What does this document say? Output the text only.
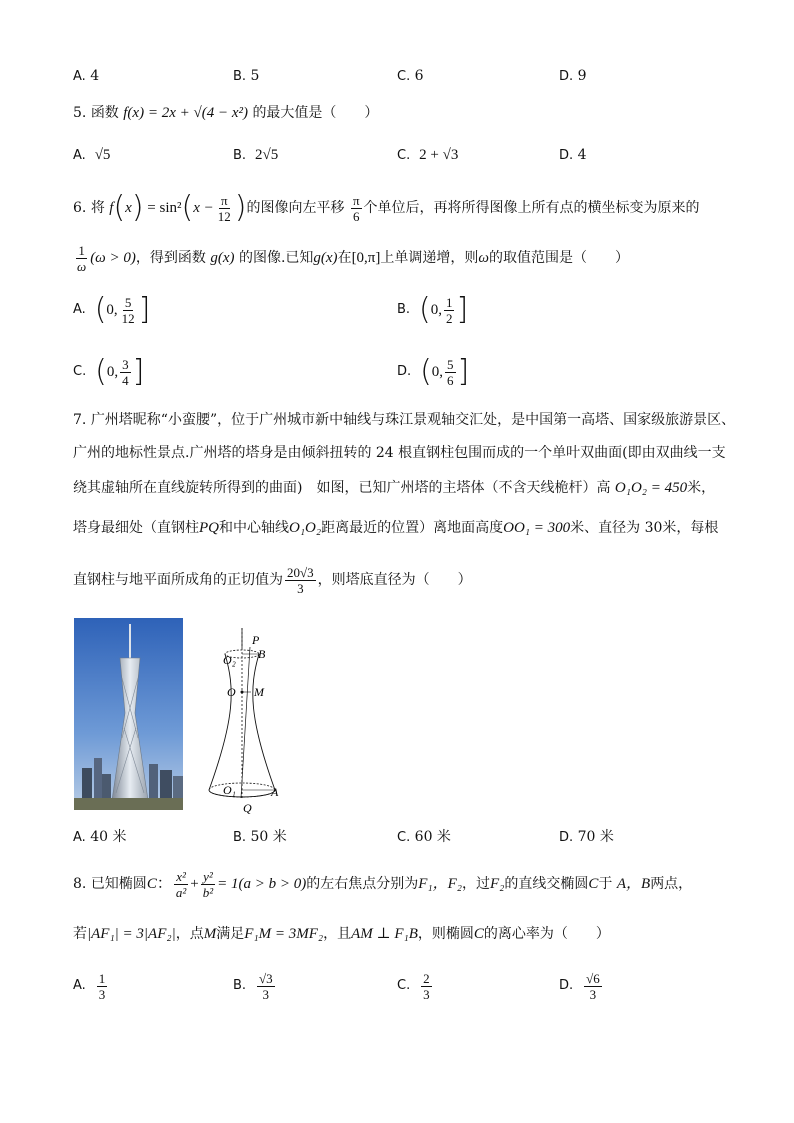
A. 4	B. 5	C. 6	D. 9
5. 函数 f(x) = 2x + √(4 − x²) 的最大值是（　　）
A. √5	B. 2√5	C. 2 + √3	D. 4
6.
将
f ( x ) = sin² ( $x - \frac{\pi}{12}$ ) 的图像向左平移
$\frac{\pi}{6}$ 个单位后，再将所得图像上所有点的横坐标变为原来的
$\frac{1}{\omega} (\omega > 0)$ ，得到函数
g(x)
的图像.已知 g(x) 在 [0,π] 上单调递增，则 ω 的取值范围是（　　）
A.
( 0, $\frac{5}{12}$ ]	B.
( 0, $\frac{1}{2}$ ]
C.
( 0, $\frac{3}{4}$ ]	D.
( 0, $\frac{5}{6}$ ]
7. 广州塔昵称“小蛮腰”，位于广州城市新中轴线与珠江景观轴交汇处，是中国第一高塔、国家级旅游景区、
广州的地标性景点.广州塔的塔身是由倾斜扭转的 24 根直钢柱包围而成的一个单叶双曲面(即由双曲线一支
绕其虚轴所在直线旋转所得到的曲面)　如图，已知广州塔的主塔体（不含天线桅杆）高 O₁O₂ = 450米，
塔身最细处（直钢柱PQ和中心轴线O₁O₂距离最近的位置）离地面高度OO₁ = 300米、直径为 30米，每根
直钢柱与地平面所成角的正切值为 $\frac{20√3}{3}$ ，则塔底直径为（　　）
P
B
O₂
O M
O₁	A
Q
A. 40 米	B. 50 米	C. 60 米	D. 70 米
8.
已知椭圆 C ： $\frac{\text{x²}}{\text{a²}} + \frac{\text{y²}}{\text{b²}} = 1(a > b > 0)$ 的左右焦点分别为 F₁，F₂ ，过 F₂ 的直线交椭圆 C 于
A，B 两点，
若|AF₁| = 3|AF₂|，点M满足F₁M = 3MF₂，且AM ⊥ F₁B，则椭圆C的离心率为（　　）
A.
$\frac{1}{3}$	B.
$\frac{√3}{3}$	C.
$\frac{2}{3}$	D.
$\frac{√6}{3}$
